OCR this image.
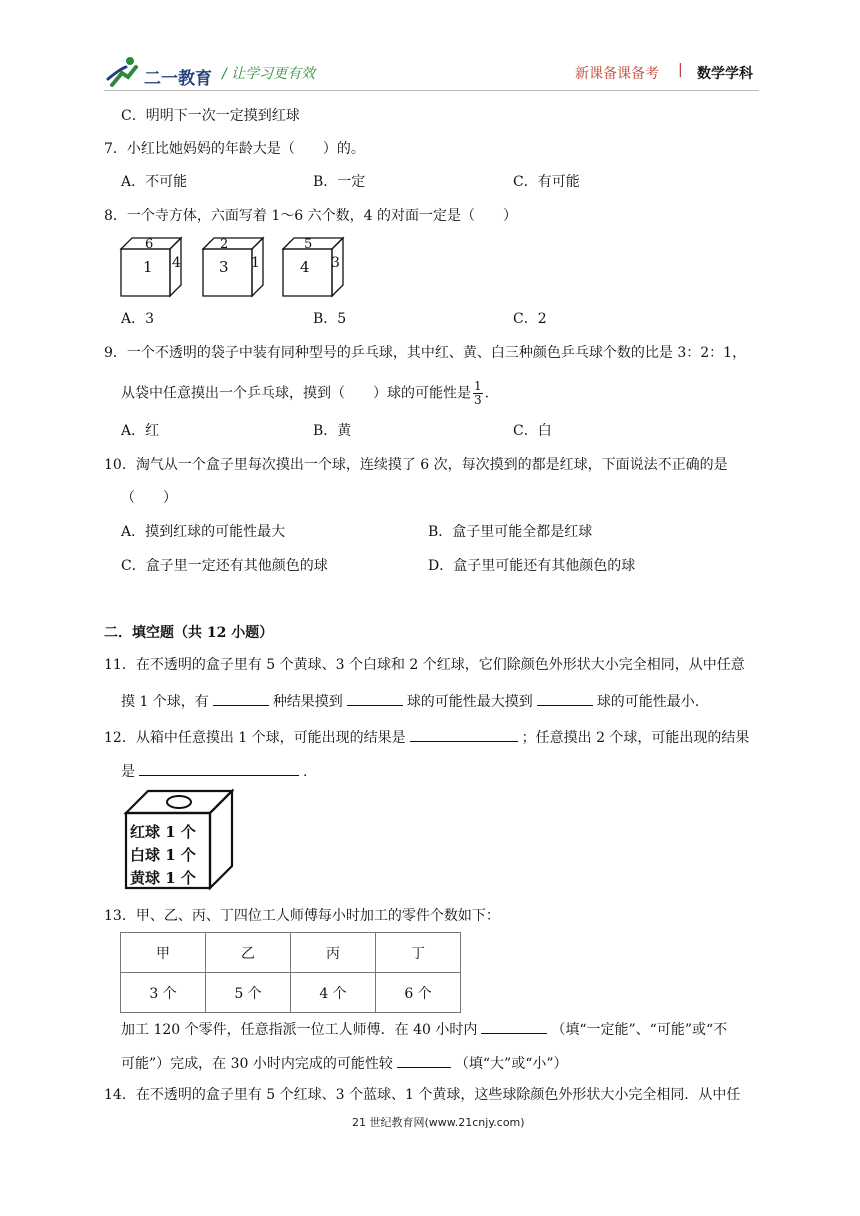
二一教育 / 让学习更有效	新课备课备考 | 数学学科
C．明明下一次一定摸到红球
7．小红比她妈妈的年龄大是（　　）的。
A．不可能	B．一定	C．有可能
8．一个寺方体，六面写着 1～6 六个数，4 的对面一定是（　　）
6
1 4
2
3 1
5
4 3
A．3	B．5	C．2
9．一个不透明的袋子中装有同种型号的乒乓球，其中红、黄、白三种颜色乒乓球个数的比是 3：2：1，
从袋中任意摸出一个乒乓球，摸到（　　）球的可能性是 $\frac{1}{3}$ .
A．红	B．黄	C．白
10．淘气从一个盒子里每次摸出一个球，连续摸了 6 次，每次摸到的都是红球，下面说法不正确的是
（　　）
A．摸到红球的可能性最大	B．盒子里可能全都是红球
C．盒子里一定还有其他颜色的球	D．盒子里可能还有其他颜色的球
二．填空题（共 12 小题）
11．在不透明的盒子里有 5 个黄球、3 个白球和 2 个红球，它们除颜色外形状大小完全相同，从中任意
摸 1 个球，有	种结果摸到	球的可能性最大摸到	球的可能性最小.
12．从箱中任意摸出 1 个球，可能出现的结果是	；任意摸出 2 个球，可能出现的结果
是	.
红球 1 个
白球 1 个
黄球 1 个
13．甲、乙、丙、丁四位工人师傅每小时加工的零件个数如下：
甲	乙	丙	丁
3 个	5 个	4 个	6 个
加工 120 个零件，任意指派一位工人师傅．在 40 小时内	（填“一定能”、“可能”或“不
可能”）完成，在 30 小时内完成的可能性较	（填“大”或“小”）
14．在不透明的盒子里有 5 个红球、3 个蓝球、1 个黄球，这些球除颜色外形状大小完全相同．从中任
21 世纪教育网(www.21cnjy.com)
